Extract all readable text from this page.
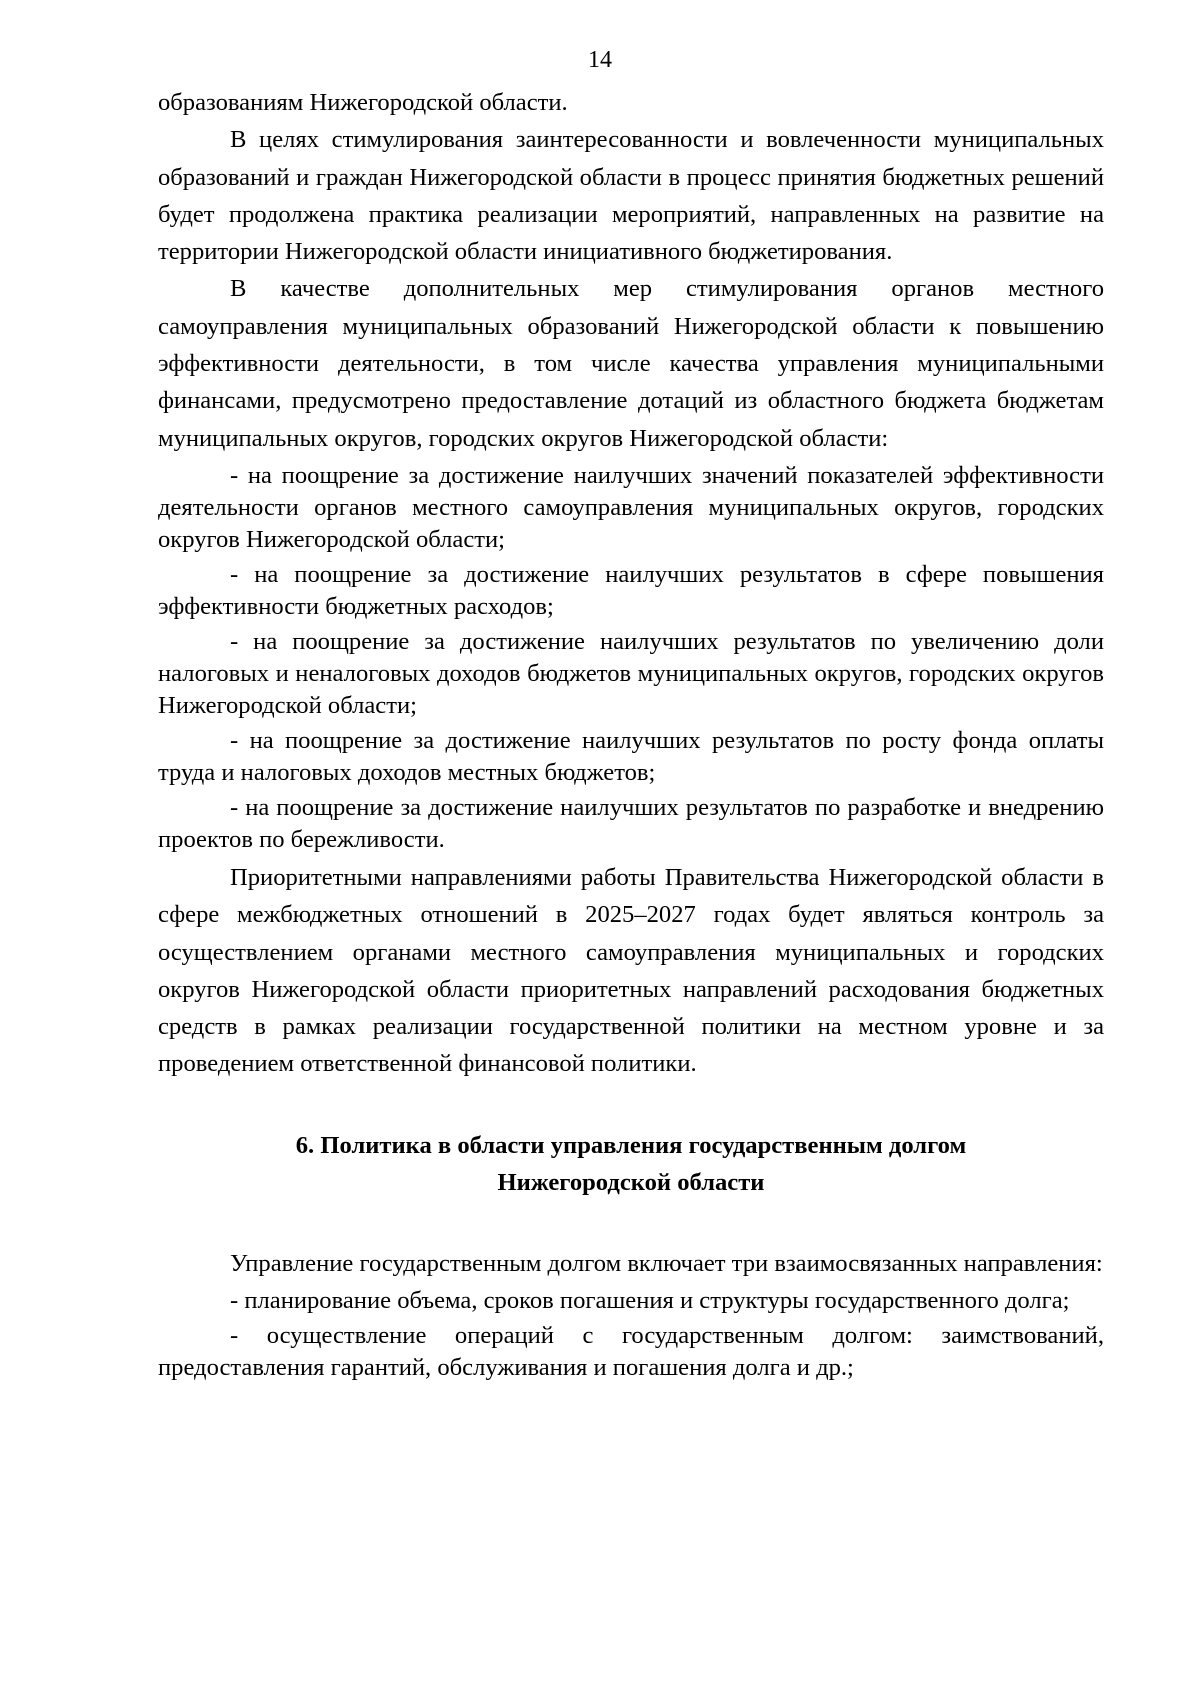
14

образованиям Нижегородской области.

В целях стимулирования заинтересованности и вовлеченности муниципальных образований и граждан Нижегородской области в процесс принятия бюджетных решений будет продолжена практика реализации мероприятий, направленных на развитие на территории Нижегородской области инициативного бюджетирования.

В качестве дополнительных мер стимулирования органов местного самоуправления муниципальных образований Нижегородской области к повышению эффективности деятельности, в том числе качества управления муниципальными финансами, предусмотрено предоставление дотаций из областного бюджета бюджетам муниципальных округов, городских округов Нижегородской области:

- на поощрение за достижение наилучших значений показателей эффективности деятельности органов местного самоуправления муниципальных округов, городских округов Нижегородской области;

- на поощрение за достижение наилучших результатов в сфере повышения эффективности бюджетных расходов;

- на поощрение за достижение наилучших результатов по увеличению доли налоговых и неналоговых доходов бюджетов муниципальных округов, городских округов Нижегородской области;

- на поощрение за достижение наилучших результатов по росту фонда оплаты труда и налоговых доходов местных бюджетов;

- на поощрение за достижение наилучших результатов по разработке и внедрению проектов по бережливости.

Приоритетными направлениями работы Правительства Нижегородской области в сфере межбюджетных отношений в 2025–2027 годах будет являться контроль за осуществлением органами местного самоуправления муниципальных и городских округов Нижегородской области приоритетных направлений расходования бюджетных средств в рамках реализации государственной политики на местном уровне и за проведением ответственной финансовой политики.

6. Политика в области управления государственным долгом
Нижегородской области

Управление государственным долгом включает три взаимосвязанных направления:

- планирование объема, сроков погашения и структуры государственного долга;

- осуществление операций с государственным долгом: заимствований, предоставления гарантий, обслуживания и погашения долга и др.;
